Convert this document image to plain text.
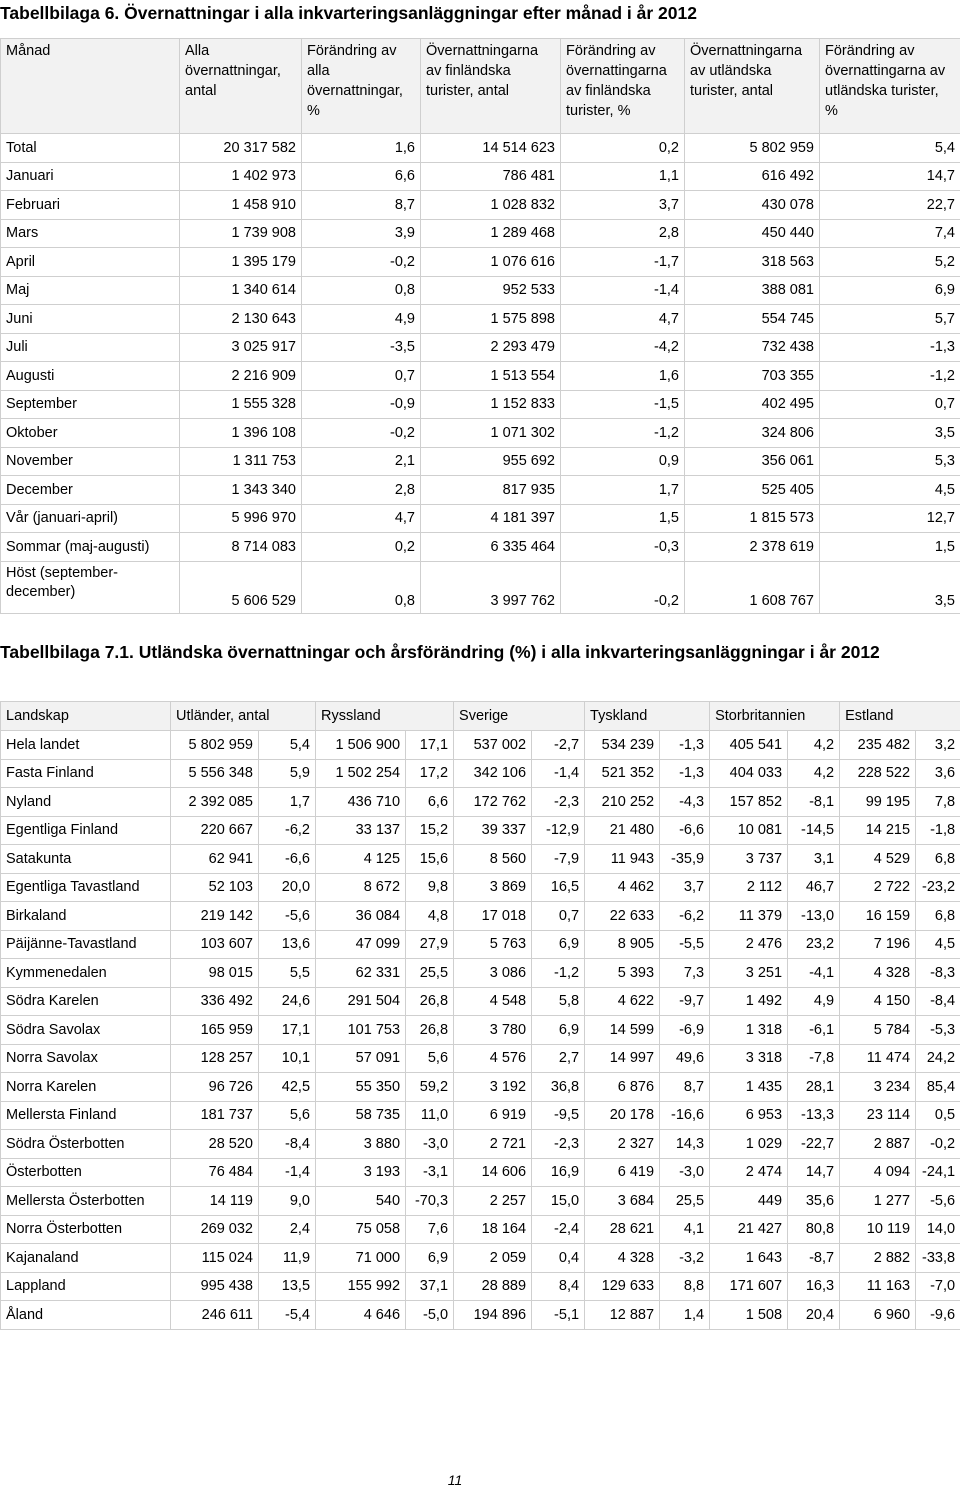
Tabellbilaga 6. Övernattningar i alla inkvarteringsanläggningar efter månad i år 2012
Månad	Alla övernattningar, antal	Förändring av alla övernattningar, %	Övernattningarna av finländska turister, antal	Förändring av övernattingarna av finländska turister, %	Övernattningarna av utländska turister, antal	Förändring av övernattingarna av utländska turister, %
Total	20 317 582	1,6	14 514 623	0,2	5 802 959	5,4
Januari	1 402 973	6,6	786 481	1,1	616 492	14,7
Februari	1 458 910	8,7	1 028 832	3,7	430 078	22,7
Mars	1 739 908	3,9	1 289 468	2,8	450 440	7,4
April	1 395 179	-0,2	1 076 616	-1,7	318 563	5,2
Maj	1 340 614	0,8	952 533	-1,4	388 081	6,9
Juni	2 130 643	4,9	1 575 898	4,7	554 745	5,7
Juli	3 025 917	-3,5	2 293 479	-4,2	732 438	-1,3
Augusti	2 216 909	0,7	1 513 554	1,6	703 355	-1,2
September	1 555 328	-0,9	1 152 833	-1,5	402 495	0,7
Oktober	1 396 108	-0,2	1 071 302	-1,2	324 806	3,5
November	1 311 753	2,1	955 692	0,9	356 061	5,3
December	1 343 340	2,8	817 935	1,7	525 405	4,5
Vår (januari-april)	5 996 970	4,7	4 181 397	1,5	1 815 573	12,7
Sommar (maj-augusti)	8 714 083	0,2	6 335 464	-0,3	2 378 619	1,5
Höst (september-december)	5 606 529	0,8	3 997 762	-0,2	1 608 767	3,5
Tabellbilaga 7.1. Utländska övernattningar och årsförändring (%) i alla inkvarteringsanläggningar i år 2012
Landskap	Utländer, antal		Ryssland		Sverige		Tyskland		Storbritannien		Estland	
Hela landet	5 802 959	5,4	1 506 900	17,1	537 002	-2,7	534 239	-1,3	405 541	4,2	235 482	3,2
Fasta Finland	5 556 348	5,9	1 502 254	17,2	342 106	-1,4	521 352	-1,3	404 033	4,2	228 522	3,6
Nyland	2 392 085	1,7	436 710	6,6	172 762	-2,3	210 252	-4,3	157 852	-8,1	99 195	7,8
Egentliga Finland	220 667	-6,2	33 137	15,2	39 337	-12,9	21 480	-6,6	10 081	-14,5	14 215	-1,8
Satakunta	62 941	-6,6	4 125	15,6	8 560	-7,9	11 943	-35,9	3 737	3,1	4 529	6,8
Egentliga Tavastland	52 103	20,0	8 672	9,8	3 869	16,5	4 462	3,7	2 112	46,7	2 722	-23,2
Birkaland	219 142	-5,6	36 084	4,8	17 018	0,7	22 633	-6,2	11 379	-13,0	16 159	6,8
Päijänne-Tavastland	103 607	13,6	47 099	27,9	5 763	6,9	8 905	-5,5	2 476	23,2	7 196	4,5
Kymmenedalen	98 015	5,5	62 331	25,5	3 086	-1,2	5 393	7,3	3 251	-4,1	4 328	-8,3
Södra Karelen	336 492	24,6	291 504	26,8	4 548	5,8	4 622	-9,7	1 492	4,9	4 150	-8,4
Södra Savolax	165 959	17,1	101 753	26,8	3 780	6,9	14 599	-6,9	1 318	-6,1	5 784	-5,3
Norra Savolax	128 257	10,1	57 091	5,6	4 576	2,7	14 997	49,6	3 318	-7,8	11 474	24,2
Norra Karelen	96 726	42,5	55 350	59,2	3 192	36,8	6 876	8,7	1 435	28,1	3 234	85,4
Mellersta Finland	181 737	5,6	58 735	11,0	6 919	-9,5	20 178	-16,6	6 953	-13,3	23 114	0,5
Södra Österbotten	28 520	-8,4	3 880	-3,0	2 721	-2,3	2 327	14,3	1 029	-22,7	2 887	-0,2
Österbotten	76 484	-1,4	3 193	-3,1	14 606	16,9	6 419	-3,0	2 474	14,7	4 094	-24,1
Mellersta Österbotten	14 119	9,0	540	-70,3	2 257	15,0	3 684	25,5	449	35,6	1 277	-5,6
Norra Österbotten	269 032	2,4	75 058	7,6	18 164	-2,4	28 621	4,1	21 427	80,8	10 119	14,0
Kajanaland	115 024	11,9	71 000	6,9	2 059	0,4	4 328	-3,2	1 643	-8,7	2 882	-33,8
Lappland	995 438	13,5	155 992	37,1	28 889	8,4	129 633	8,8	171 607	16,3	11 163	-7,0
Åland	246 611	-5,4	4 646	-5,0	194 896	-5,1	12 887	1,4	1 508	20,4	6 960	-9,6
11
